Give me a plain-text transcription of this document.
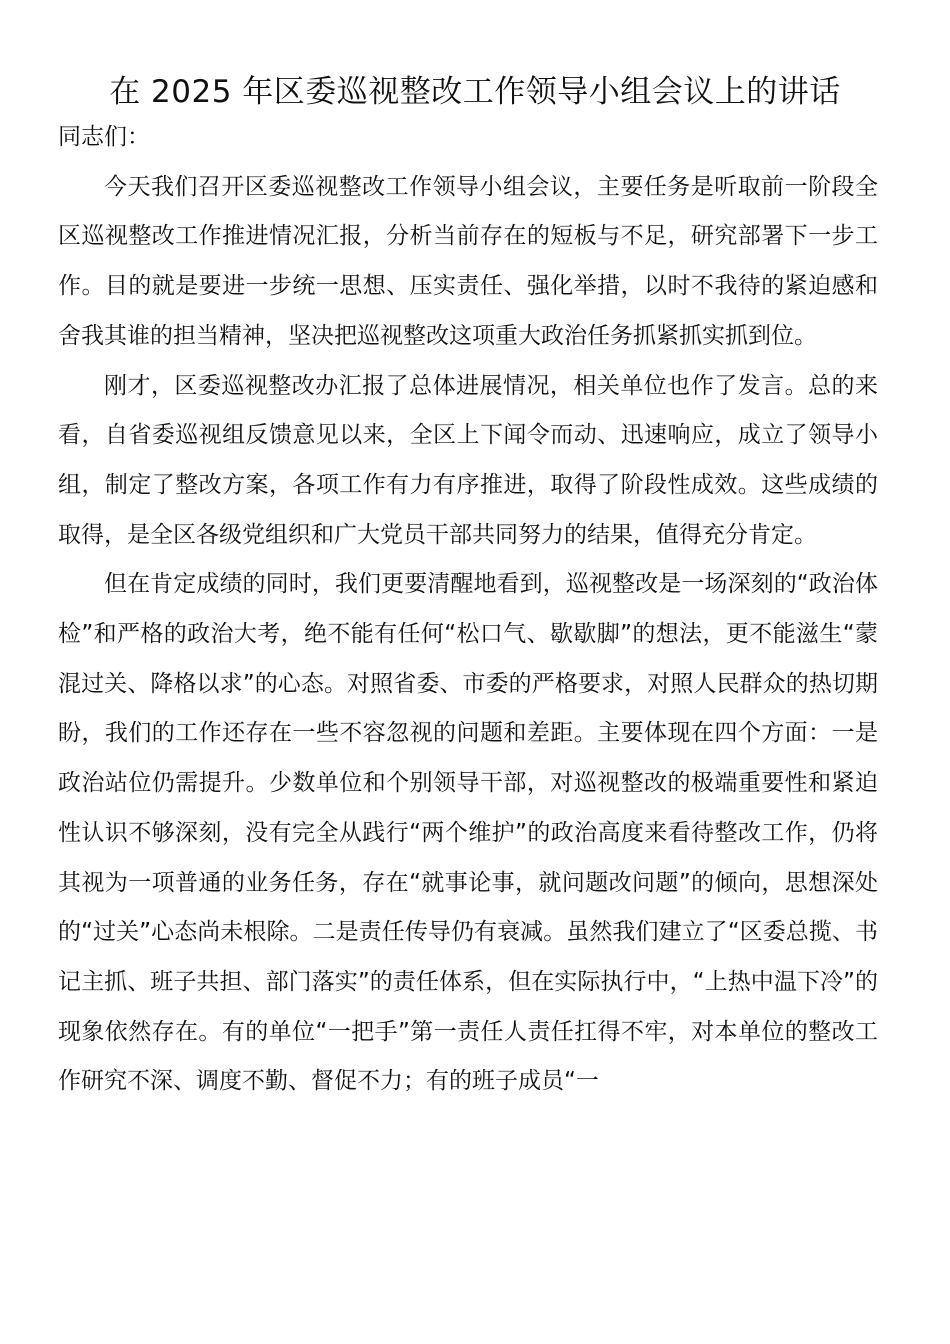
在 2025 年区委巡视整改工作领导小组会议上的讲话

同志们：

今天我们召开区委巡视整改工作领导小组会议，主要任务是听取前一阶段全区巡视整改工作推进情况汇报，分析当前存在的短板与不足，研究部署下一步工作。目的就是要进一步统一思想、压实责任、强化举措，以时不我待的紧迫感和舍我其谁的担当精神，坚决把巡视整改这项重大政治任务抓紧抓实抓到位。

刚才，区委巡视整改办汇报了总体进展情况，相关单位也作了发言。总的来看，自省委巡视组反馈意见以来，全区上下闻令而动、迅速响应，成立了领导小组，制定了整改方案，各项工作有力有序推进，取得了阶段性成效。这些成绩的取得，是全区各级党组织和广大党员干部共同努力的结果，值得充分肯定。

但在肯定成绩的同时，我们更要清醒地看到，巡视整改是一场深刻的“政治体检”和严格的政治大考，绝不能有任何“松口气、歇歇脚”的想法，更不能滋生“蒙混过关、降格以求”的心态。对照省委、市委的严格要求，对照人民群众的热切期盼，我们的工作还存在一些不容忽视的问题和差距。主要体现在四个方面：一是政治站位仍需提升。少数单位和个别领导干部，对巡视整改的极端重要性和紧迫性认识不够深刻，没有完全从践行“两个维护”的政治高度来看待整改工作，仍将其视为一项普通的业务任务，存在“就事论事，就问题改问题”的倾向，思想深处的“过关”心态尚未根除。二是责任传导仍有衰减。虽然我们建立了“区委总揽、书记主抓、班子共担、部门落实”的责任体系，但在实际执行中，“上热中温下冷”的现象依然存在。有的单位“一把手”第一责任人责任扛得不牢，对本单位的整改工作研究不深、调度不勤、督促不力；有的班子成员“一
